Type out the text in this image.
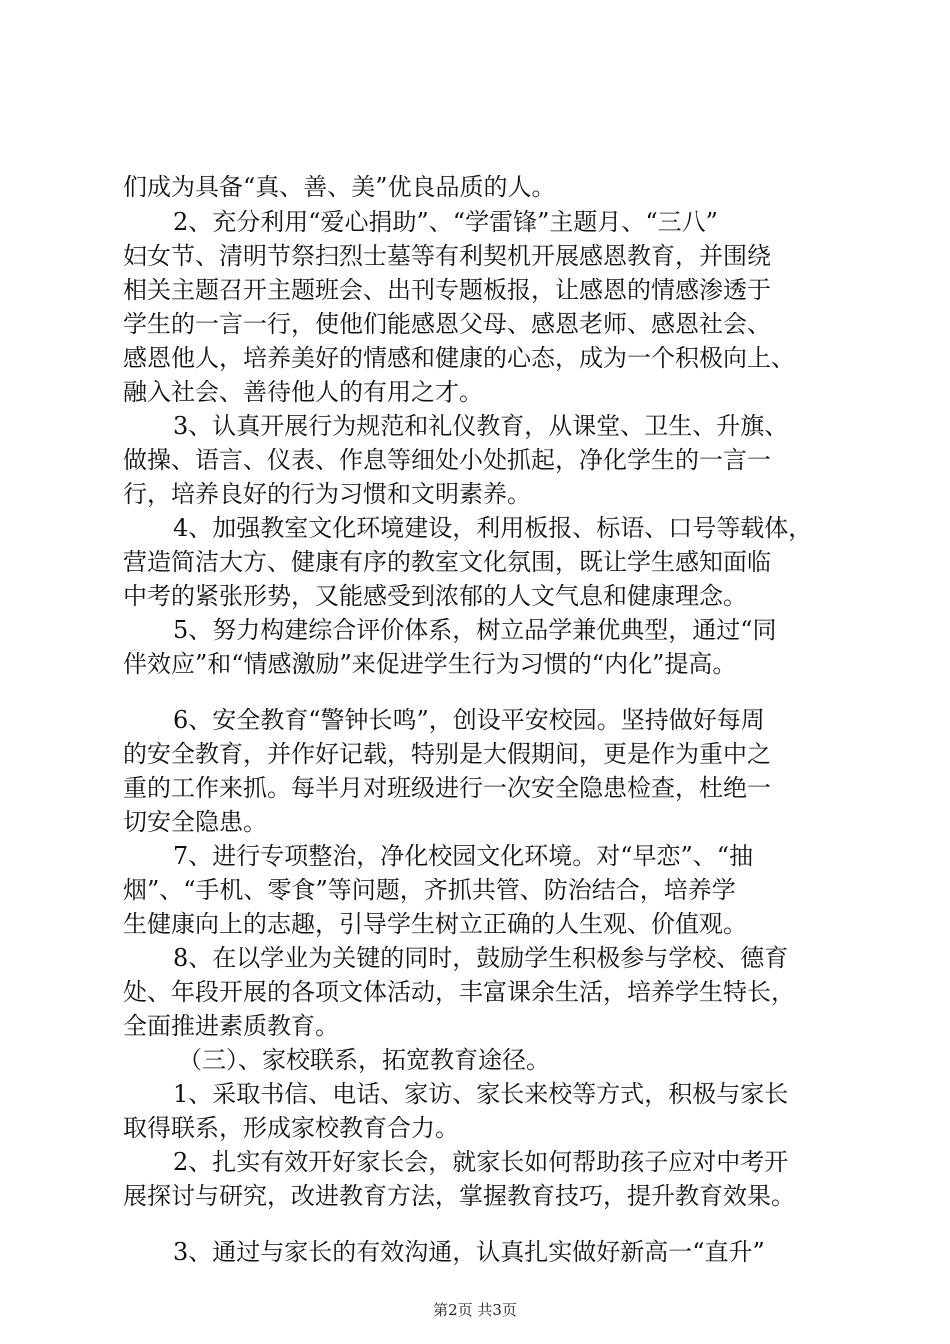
们成为具备“真、善、美”优良品质的人。
2、充分利用“爱心捐助”、“学雷锋”主题月、“三八”
妇女节、清明节祭扫烈士墓等有利契机开展感恩教育，并围绕
相关主题召开主题班会、出刊专题板报，让感恩的情感渗透于
学生的一言一行，使他们能感恩父母、感恩老师、感恩社会、
感恩他人，培养美好的情感和健康的心态，成为一个积极向上、
融入社会、善待他人的有用之才。
3、认真开展行为规范和礼仪教育，从课堂、卫生、升旗、
做操、语言、仪表、作息等细处小处抓起，净化学生的一言一
行，培养良好的行为习惯和文明素养。
4、加强教室文化环境建设，利用板报、标语、口号等载体，
营造简洁大方、健康有序的教室文化氛围，既让学生感知面临
中考的紧张形势，又能感受到浓郁的人文气息和健康理念。
5、努力构建综合评价体系，树立品学兼优典型，通过“同
伴效应”和“情感激励”来促进学生行为习惯的“内化”提高。
6、安全教育“警钟长鸣”，创设平安校园。坚持做好每周
的安全教育，并作好记载，特别是大假期间，更是作为重中之
重的工作来抓。每半月对班级进行一次安全隐患检查，杜绝一
切安全隐患。
7、进行专项整治，净化校园文化环境。对“早恋”、“抽
烟”、“手机、零食”等问题，齐抓共管、防治结合，培养学
生健康向上的志趣，引导学生树立正确的人生观、价值观。
8、在以学业为关键的同时，鼓励学生积极参与学校、德育
处、年段开展的各项文体活动，丰富课余生活，培养学生特长，
全面推进素质教育。
（三）、家校联系，拓宽教育途径。
1、采取书信、电话、家访、家长来校等方式，积极与家长
取得联系，形成家校教育合力。
2、扎实有效开好家长会，就家长如何帮助孩子应对中考开
展探讨与研究，改进教育方法，掌握教育技巧，提升教育效果。
3、通过与家长的有效沟通，认真扎实做好新高一“直升”
第2页 共3页
